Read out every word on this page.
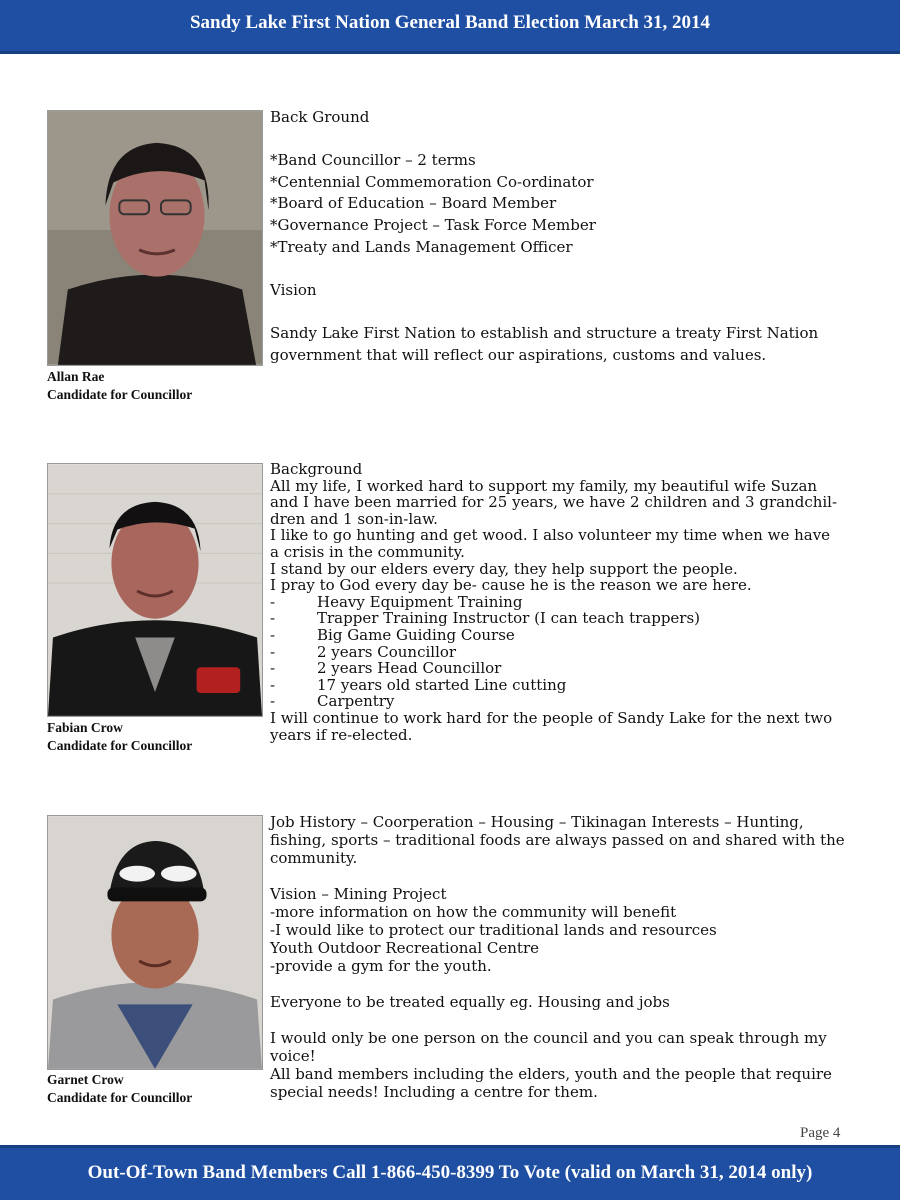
Sandy Lake First Nation General Band Election March 31, 2014
Allan Rae
Candidate for Councillor
Back Ground
*Band Councillor – 2 terms
*Centennial Commemoration Co-ordinator
*Board of Education – Board Member
*Governance Project – Task Force Member
*Treaty and Lands Management Officer
Vision
Sandy Lake First Nation to establish and structure a treaty First Nation
government that will reflect our aspirations, customs and values.
Fabian Crow
Candidate for Councillor
Background
All my life, I worked hard to support my family, my beautiful wife Suzan
and I have been married for 25 years, we have 2 children and 3 grandchil-
dren and 1 son-in-law.
I like to go hunting and get wood. I also volunteer my time when we have
a crisis in the community.
I stand by our elders every day, they help support the people.
I pray to God every day be- cause he is the reason we are here.
-	Heavy Equipment Training
-	Trapper Training Instructor (I can teach trappers)
-	Big Game Guiding Course
-	2 years Councillor
-	2 years Head Councillor
-	17 years old started Line cutting
-	Carpentry
I will continue to work hard for the people of Sandy Lake for the next two
years if re-elected.
Garnet Crow
Candidate for Councillor
Job History – Coorperation – Housing – Tikinagan Interests – Hunting,
fishing, sports – traditional foods are always passed on and shared with the
community.
Vision – Mining Project
-more information on how the community will benefit
-I would like to protect our traditional lands and resources
Youth Outdoor Recreational Centre
-provide a gym for the youth.
Everyone to be treated equally eg. Housing and jobs
I would only be one person on the council and you can speak through my
voice!
All band members including the elders, youth and the people that require
special needs! Including a centre for them.
Page 4
Out-Of-Town Band Members Call 1-866-450-8399 To Vote (valid on March 31, 2014 only)
